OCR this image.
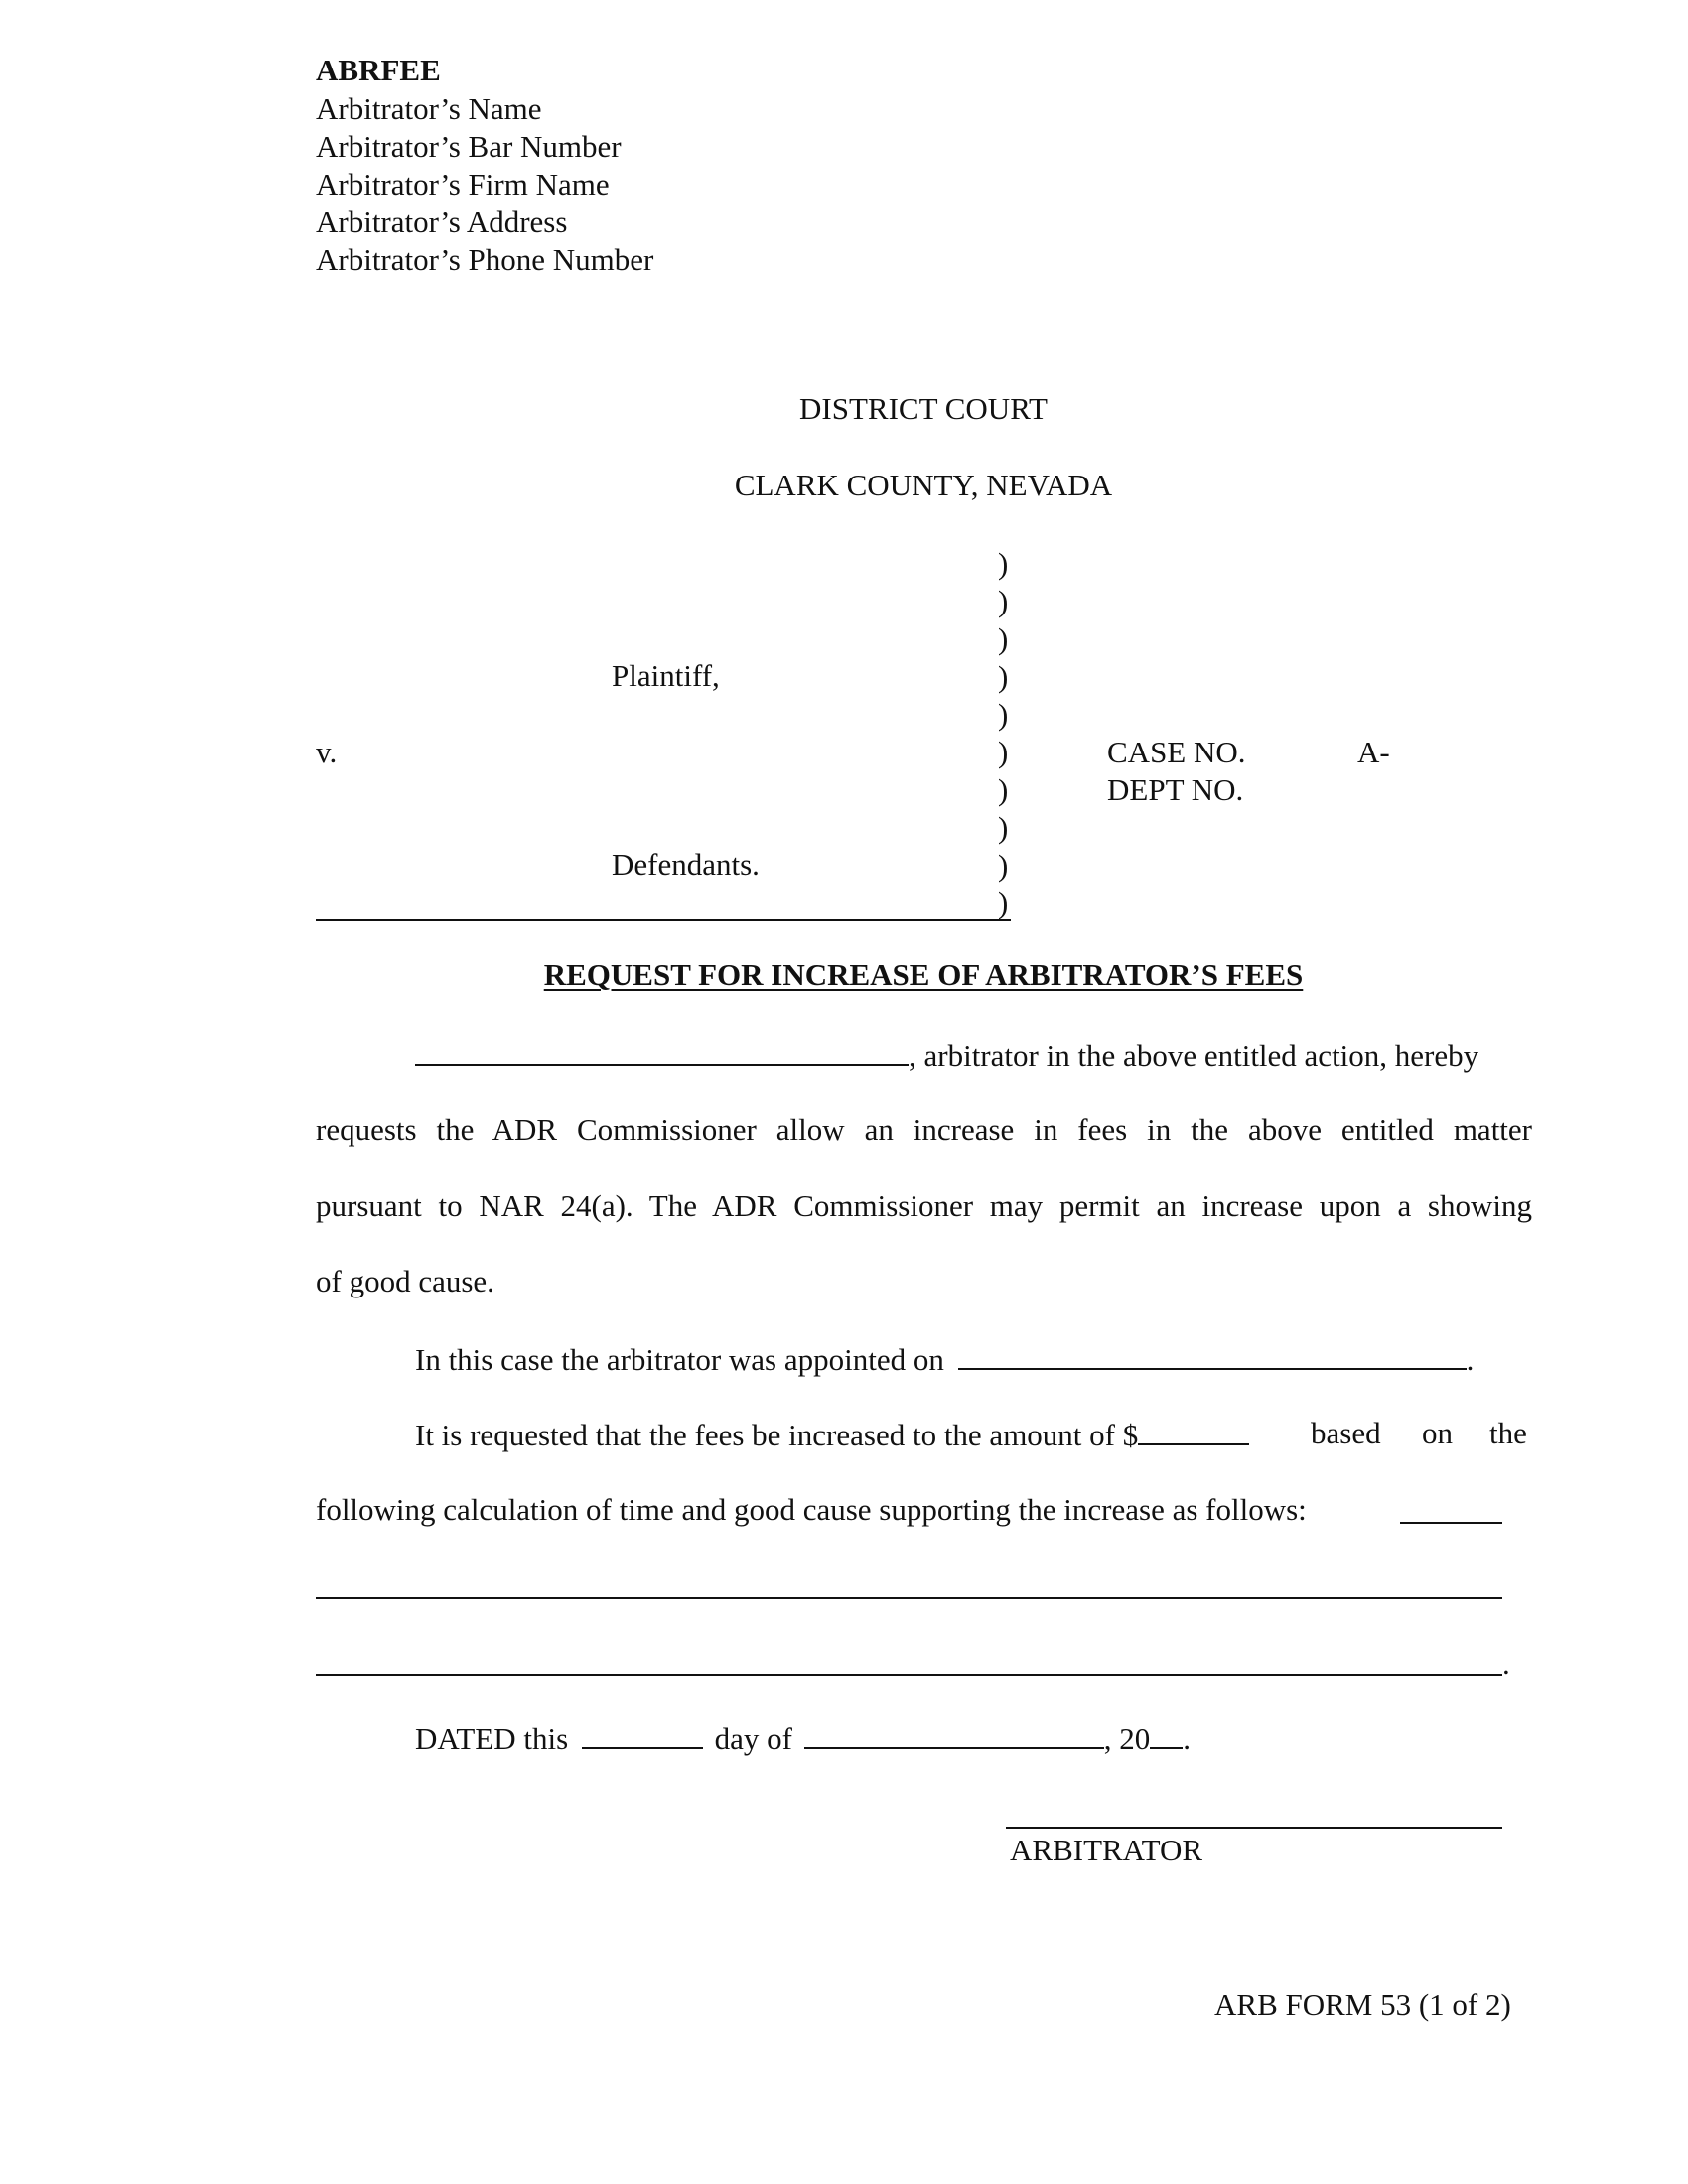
ABRFEE
Arbitrator’s Name
Arbitrator’s Bar Number
Arbitrator’s Firm Name
Arbitrator’s Address
Arbitrator’s Phone Number
DISTRICT COURT
CLARK COUNTY, NEVADA
Plaintiff,
v.
Defendants.
)
)
)
)
)
)
)
)
)
)
CASE NO.	A-
DEPT NO.
REQUEST FOR INCREASE OF ARBITRATOR’S FEES
, arbitrator in the above entitled action, hereby
requests the ADR Commissioner allow an increase in fees in the above entitled matter
pursuant to NAR 24(a). The ADR Commissioner may permit an increase upon a showing
of good cause.
In this case the arbitrator was appointed on	.
It is requested that the fees be increased to the amount of $	based on the
following calculation of time and good cause supporting the increase as follows:
.
DATED this	day of	, 20 .
ARBITRATOR
ARB FORM 53 (1 of 2)
